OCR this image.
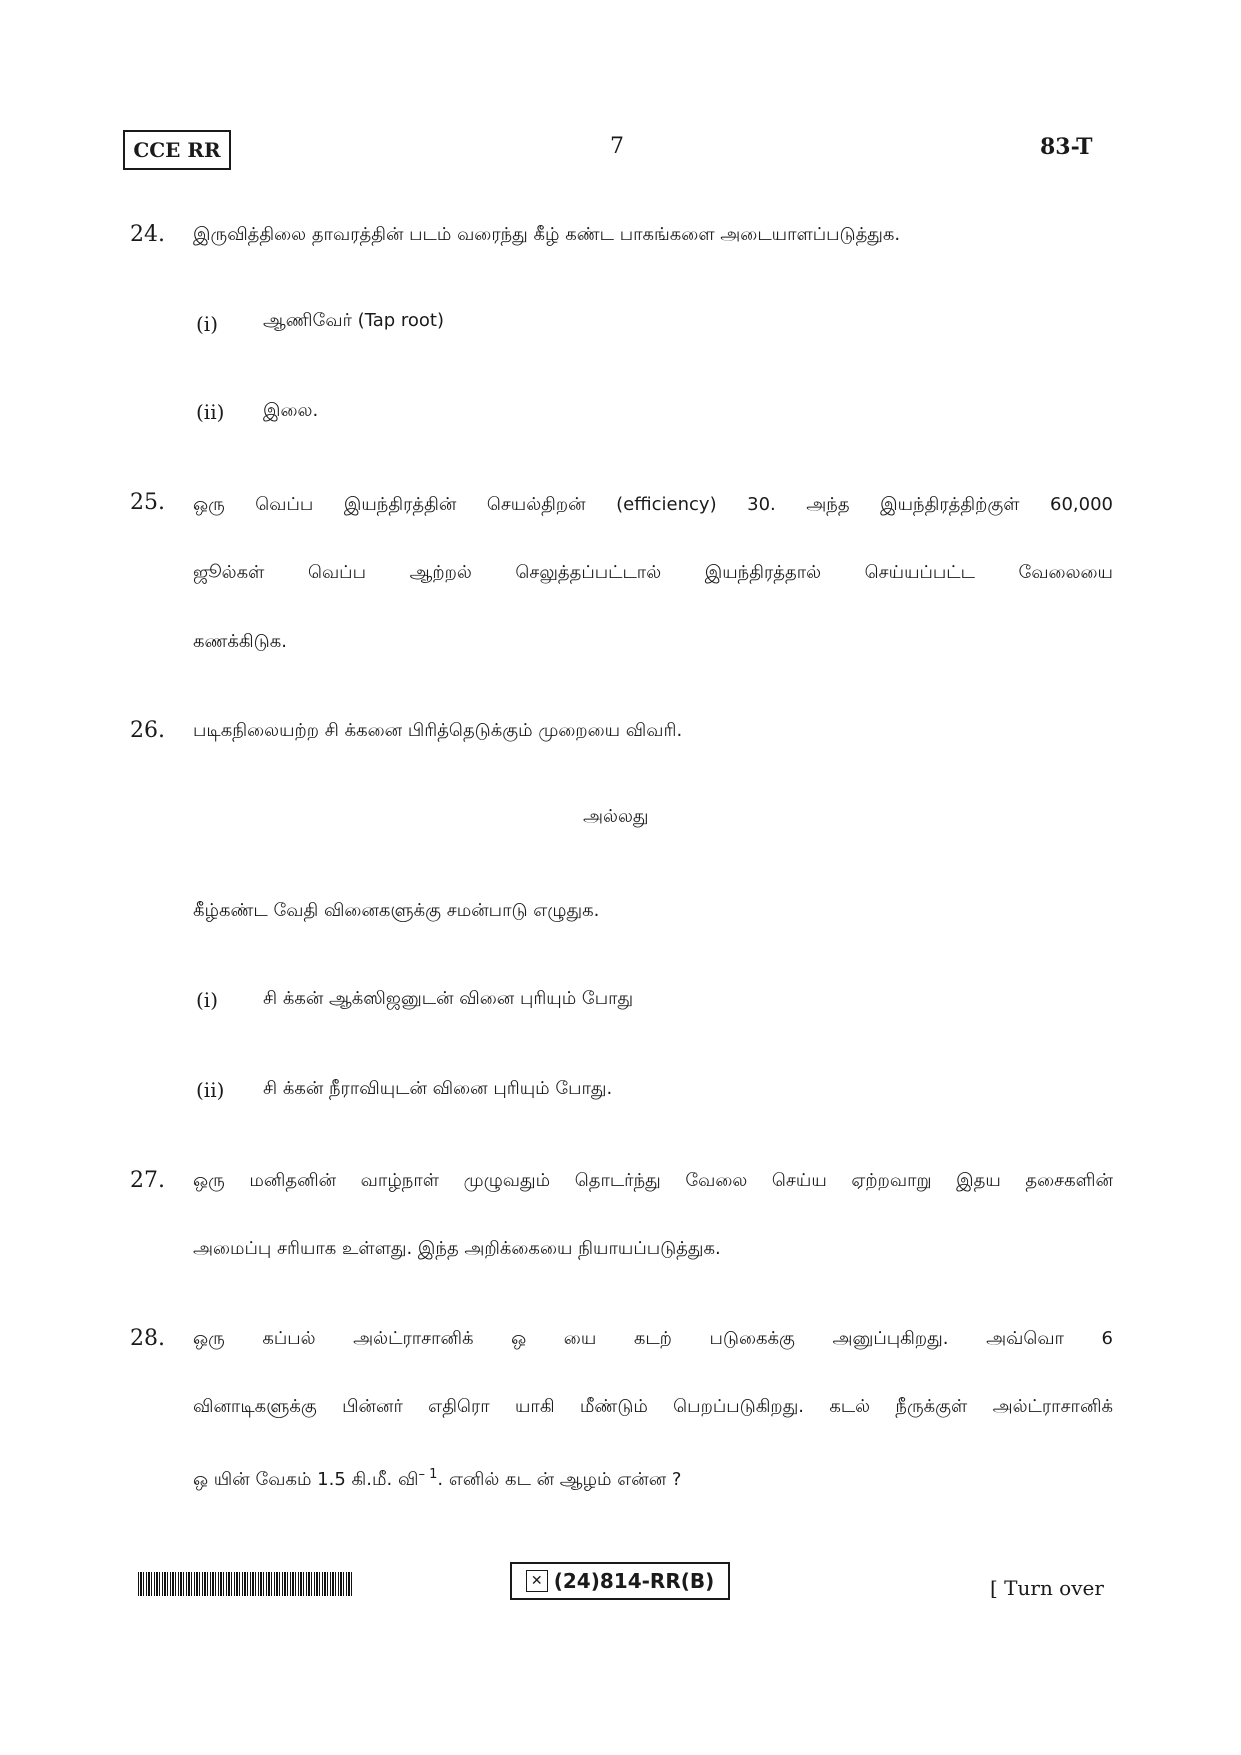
CCE RR	7	83-T
24. இருவித்திலை தாவரத்தின் படம் வரைந்து கீழ் கண்ட பாகங்களை அடையாளப்படுத்துக.
(i) ஆணிவேர் (Tap root)
(ii) இலை.
25. ஒரு வெப்ப இயந்திரத்தின் செயல்திறன் (efficiency) 30. அந்த இயந்திரத்திற்குள் 60,000
ஜூல்கள் வெப்ப ஆற்றல் செலுத்தப்பட்டால் இயந்திரத்தால் செய்யப்பட்ட வேலையை
கணக்கிடுக.
26. படிகநிலையற்ற சி க்கனை பிரித்தெடுக்கும் முறையை விவரி.
அல்லது
கீழ்கண்ட வேதி வினைகளுக்கு சமன்பாடு எழுதுக.
(i) சி க்கன் ஆக்ஸிஜனுடன் வினை புரியும் போது
(ii) சி க்கன் நீராவியுடன் வினை புரியும் போது.
27. ஒரு மனிதனின் வாழ்நாள் முழுவதும் தொடர்ந்து வேலை செய்ய ஏற்றவாறு இதய தசைகளின்
அமைப்பு சரியாக உள்ளது. இந்த அறிக்கையை நியாயப்படுத்துக.
28. ஒரு கப்பல் அல்ட்ராசானிக் ஒ யை கடற் படுகைக்கு அனுப்புகிறது. அவ்வொ 6
வினாடிகளுக்கு பின்னர் எதிரொ யாகி மீண்டும் பெறப்படுகிறது. கடல் நீருக்குள் அல்ட்ராசானிக்
ஒ யின் வேகம் 1.5 கி.மீ. வி$^{- 1}$. எனில் கட ன் ஆழம் என்ன ?
✕ (24)814-RR(B)	[ Turn over
